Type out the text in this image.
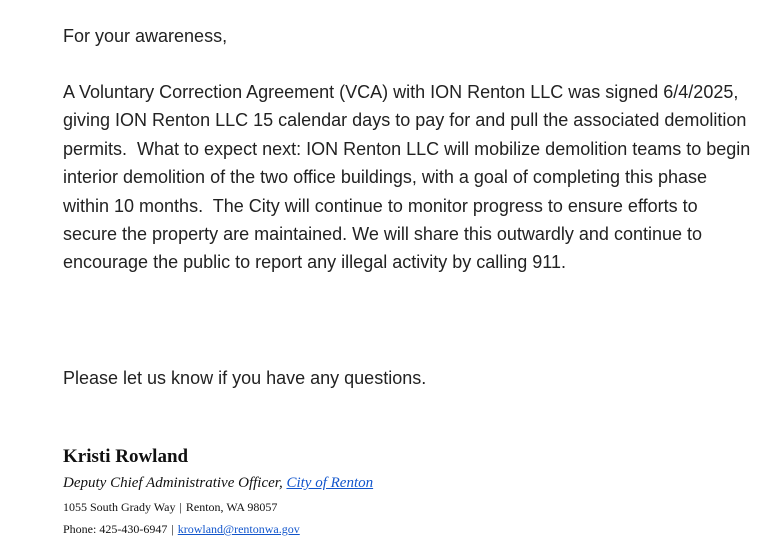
For your awareness,

A Voluntary Correction Agreement (VCA) with ION Renton LLC was signed 6/4/2025, giving ION Renton LLC 15 calendar days to pay for and pull the associated demolition permits.  What to expect next: ION Renton LLC will mobilize demolition teams to begin interior demolition of the two office buildings, with a goal of completing this phase within 10 months.  The City will continue to monitor progress to ensure efforts to secure the property are maintained. We will share this outwardly and continue to encourage the public to report any illegal activity by calling 911.

Please let us know if you have any questions.

Kristi Rowland

Deputy Chief Administrative Officer, City of Renton

1055 South Grady Way | Renton, WA 98057

Phone: 425-430-6947 | krowland@rentonwa.gov
